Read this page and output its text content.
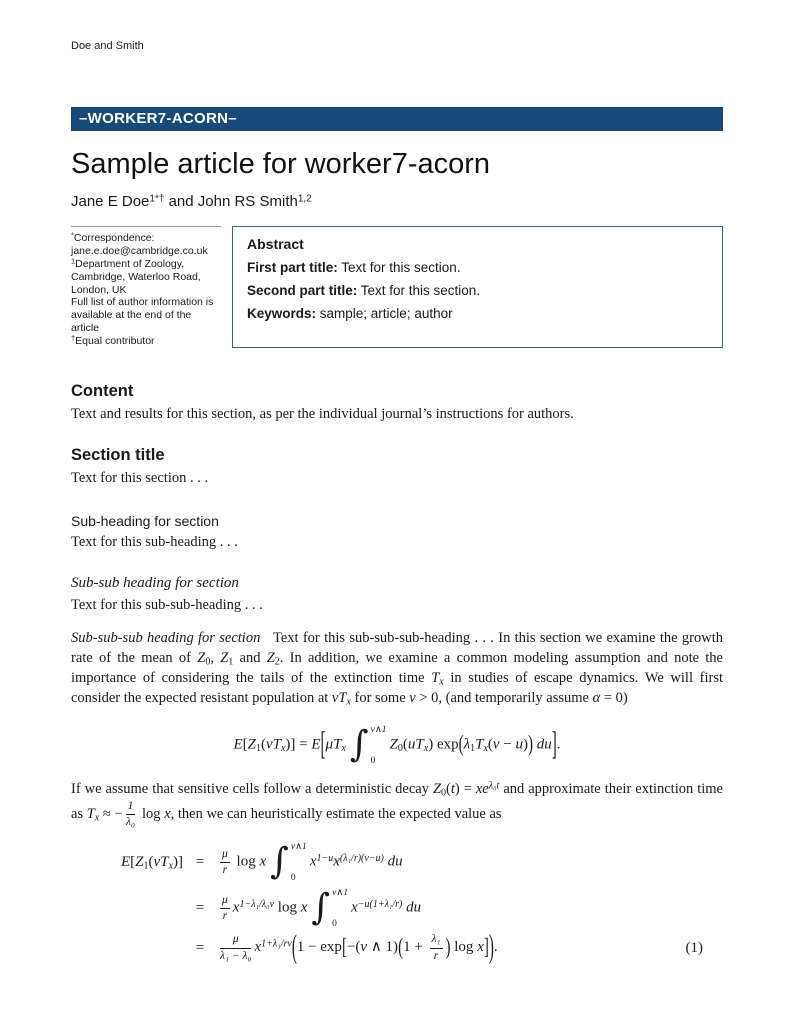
Doe and Smith
–WORKER7-ACORN–
Sample article for worker7-acorn
Jane E Doe$^{1*\dagger}$ and John RS Smith$^{1,2}$
*Correspondence:
jane.e.doe@cambridge.co.uk
$^1$Department of Zoology,
Cambridge, Waterloo Road,
London, UK
Full list of author information is
available at the end of the article
†Equal contributor
Abstract
First part title: Text for this section.
Second part title: Text for this section.
Keywords: sample; article; author
Content

Text and results for this section, as per the individual journal’s instructions for authors.

Section title

Text for this section . . .

Sub-heading for section

Text for this sub-heading . . .

Sub-sub heading for section

Text for this sub-sub-heading . . .

Sub-sub-sub heading for section   Text for this sub-sub-sub-heading . . . In this section we examine the growth rate of the mean of $Z_0$, $Z_1$ and $Z_2$. In addition, we examine a common modeling assumption and note the importance of considering the tails of the extinction time $T_x$ in studies of escape dynamics. We will first consider the expected resistant population at $vT_x$ for some v > 0, (and temporarily assume α = 0)

$E[Z_1(vT_x)] = E[\mu T_x$ ∫ v∧1
0
$Z_0(uT_x) \exp(\lambda_1T_x(v - u))$ du].

If we assume that sensitive cells follow a deterministic decay $Z_0(t) = xe^{\lambda_0t}$ and approximate their extinction time as $T_x$ ≈ − $\frac{1}{\text{λ₀}}$ log x, then we can heuristically estimate the expected value as

$E[Z_1(vT_x)]$ =	$\frac{\mu}{r}$ log x ∫ v∧1
0
$x^{1-u}x^{(\lambda_1/r)(v-u)}$ du
=	$\frac{\mu}{r} x^{1-\lambda_1/\lambda_0v}$ log x ∫ v∧1
0
$x^{-u(1+\lambda_1/r)}$ du
=	$\frac{\mu}{\text{λ₁ − λ₀}} x^{1+\lambda_1/rv}(1 - \exp[-(v$ ∧ $1)(1 + \frac{\text{λ₁}}{r}$ ) log x]).	(1)
